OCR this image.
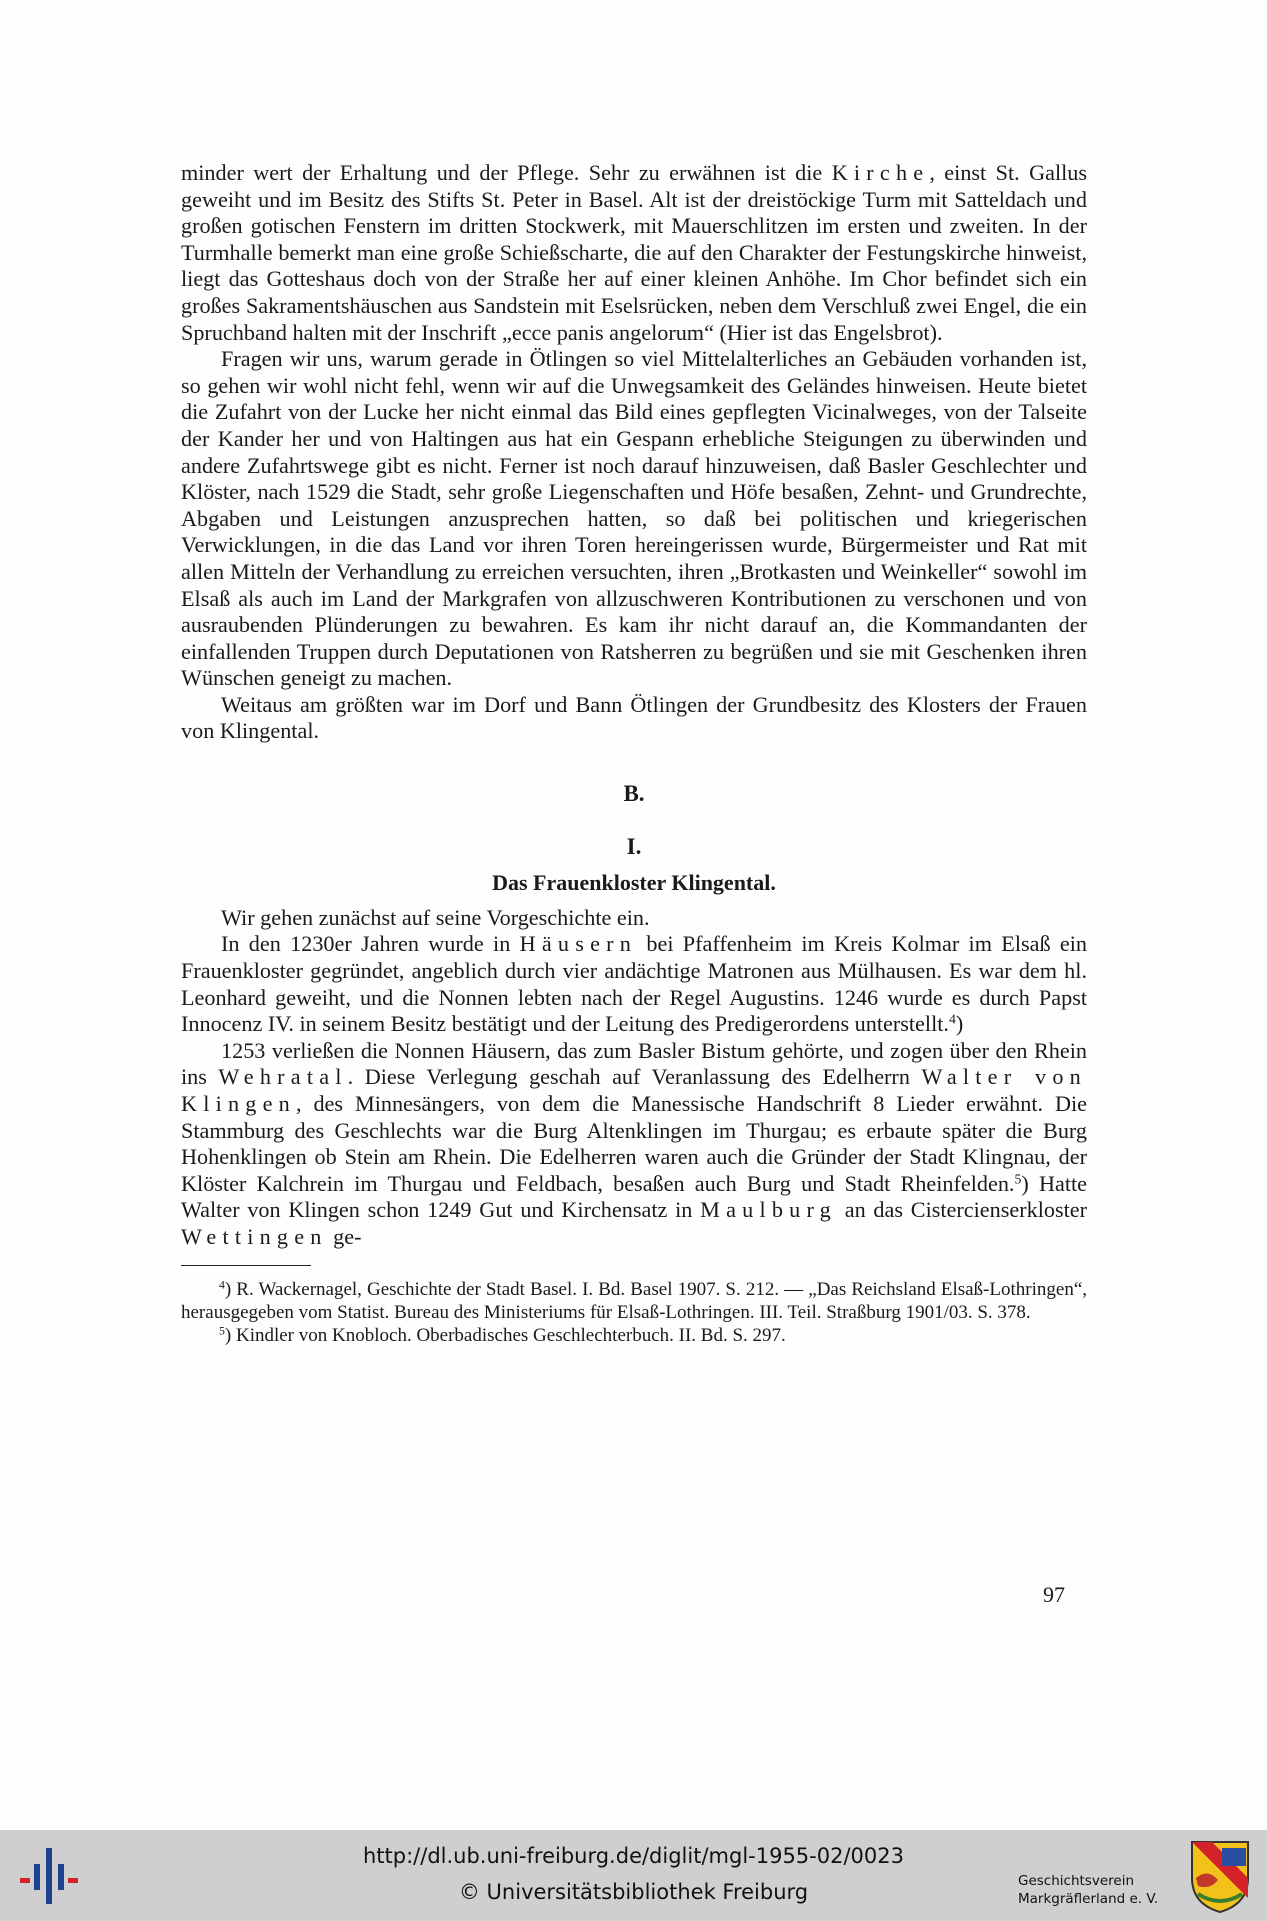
minder wert der Erhaltung und der Pflege. Sehr zu erwähnen ist die Kirche, einst St. Gallus geweiht und im Besitz des Stifts St. Peter in Basel. Alt ist der dreistöckige Turm mit Satteldach und großen gotischen Fenstern im dritten Stockwerk, mit Mauerschlitzen im ersten und zweiten. In der Turmhalle bemerkt man eine große Schießscharte, die auf den Charakter der Festungskirche hinweist, liegt das Gotteshaus doch von der Straße her auf einer kleinen Anhöhe. Im Chor befindet sich ein großes Sakramentshäuschen aus Sandstein mit Eselsrücken, neben dem Verschluß zwei Engel, die ein Spruchband halten mit der Inschrift „ecce panis angelorum“ (Hier ist das Engelsbrot).

Fragen wir uns, warum gerade in Ötlingen so viel Mittelalterliches an Gebäuden vorhanden ist, so gehen wir wohl nicht fehl, wenn wir auf die Unwegsamkeit des Geländes hinweisen. Heute bietet die Zufahrt von der Lucke her nicht einmal das Bild eines gepflegten Vicinalweges, von der Talseite der Kander her und von Haltingen aus hat ein Gespann erhebliche Steigungen zu überwinden und andere Zufahrtswege gibt es nicht. Ferner ist noch darauf hinzuweisen, daß Basler Geschlechter und Klöster, nach 1529 die Stadt, sehr große Liegenschaften und Höfe besaßen, Zehnt- und Grundrechte, Abgaben und Leistungen anzusprechen hatten, so daß bei politischen und kriegerischen Verwicklungen, in die das Land vor ihren Toren hereingerissen wurde, Bürgermeister und Rat mit allen Mitteln der Verhandlung zu erreichen versuchten, ihren „Brotkasten und Weinkeller“ sowohl im Elsaß als auch im Land der Markgrafen von allzuschweren Kontributionen zu verschonen und von ausraubenden Plünderungen zu bewahren. Es kam ihr nicht darauf an, die Kommandanten der einfallenden Truppen durch Deputationen von Ratsherren zu begrüßen und sie mit Geschenken ihren Wünschen geneigt zu machen.

Weitaus am größten war im Dorf und Bann Ötlingen der Grundbesitz des Klosters der Frauen von Klingental.

B.
I.
Das Frauenkloster Klingental.

Wir gehen zunächst auf seine Vorgeschichte ein.

In den 1230er Jahren wurde in Häusern bei Pfaffenheim im Kreis Kolmar im Elsaß ein Frauenkloster gegründet, angeblich durch vier andächtige Matronen aus Mülhausen. Es war dem hl. Leonhard geweiht, und die Nonnen lebten nach der Regel Augustins. 1246 wurde es durch Papst Innocenz IV. in seinem Besitz bestätigt und der Leitung des Predigerordens unterstellt.$^4$)

1253 verließen die Nonnen Häusern, das zum Basler Bistum gehörte, und zogen über den Rhein ins Wehratal. Diese Verlegung geschah auf Veranlassung des Edelherrn Walter von Klingen, des Minnesängers, von dem die Manessische Handschrift 8 Lieder erwähnt. Die Stammburg des Geschlechts war die Burg Altenklingen im Thurgau; es erbaute später die Burg Hohenklingen ob Stein am Rhein. Die Edelherren waren auch die Gründer der Stadt Klingnau, der Klöster Kalchrein im Thurgau und Feldbach, besaßen auch Burg und Stadt Rheinfelden.$^5$) Hatte Walter von Klingen schon 1249 Gut und Kirchensatz in Maulburg an das Cistercienserkloster Wettingen ge-

$^4$) R. Wackernagel, Geschichte der Stadt Basel. I. Bd. Basel 1907. S. 212. — „Das Reichsland Elsaß-Lothringen“, herausgegeben vom Statist. Bureau des Ministeriums für Elsaß-Lothringen. III. Teil. Straßburg 1901/03. S. 378.

$^5$) Kindler von Knobloch. Oberbadisches Geschlechterbuch. II. Bd. S. 297.

97
http://dl.ub.uni-freiburg.de/diglit/mgl-1955-02/0023
© Universitätsbibliothek Freiburg	Geschichtsverein
Markgräflerland e. V.
